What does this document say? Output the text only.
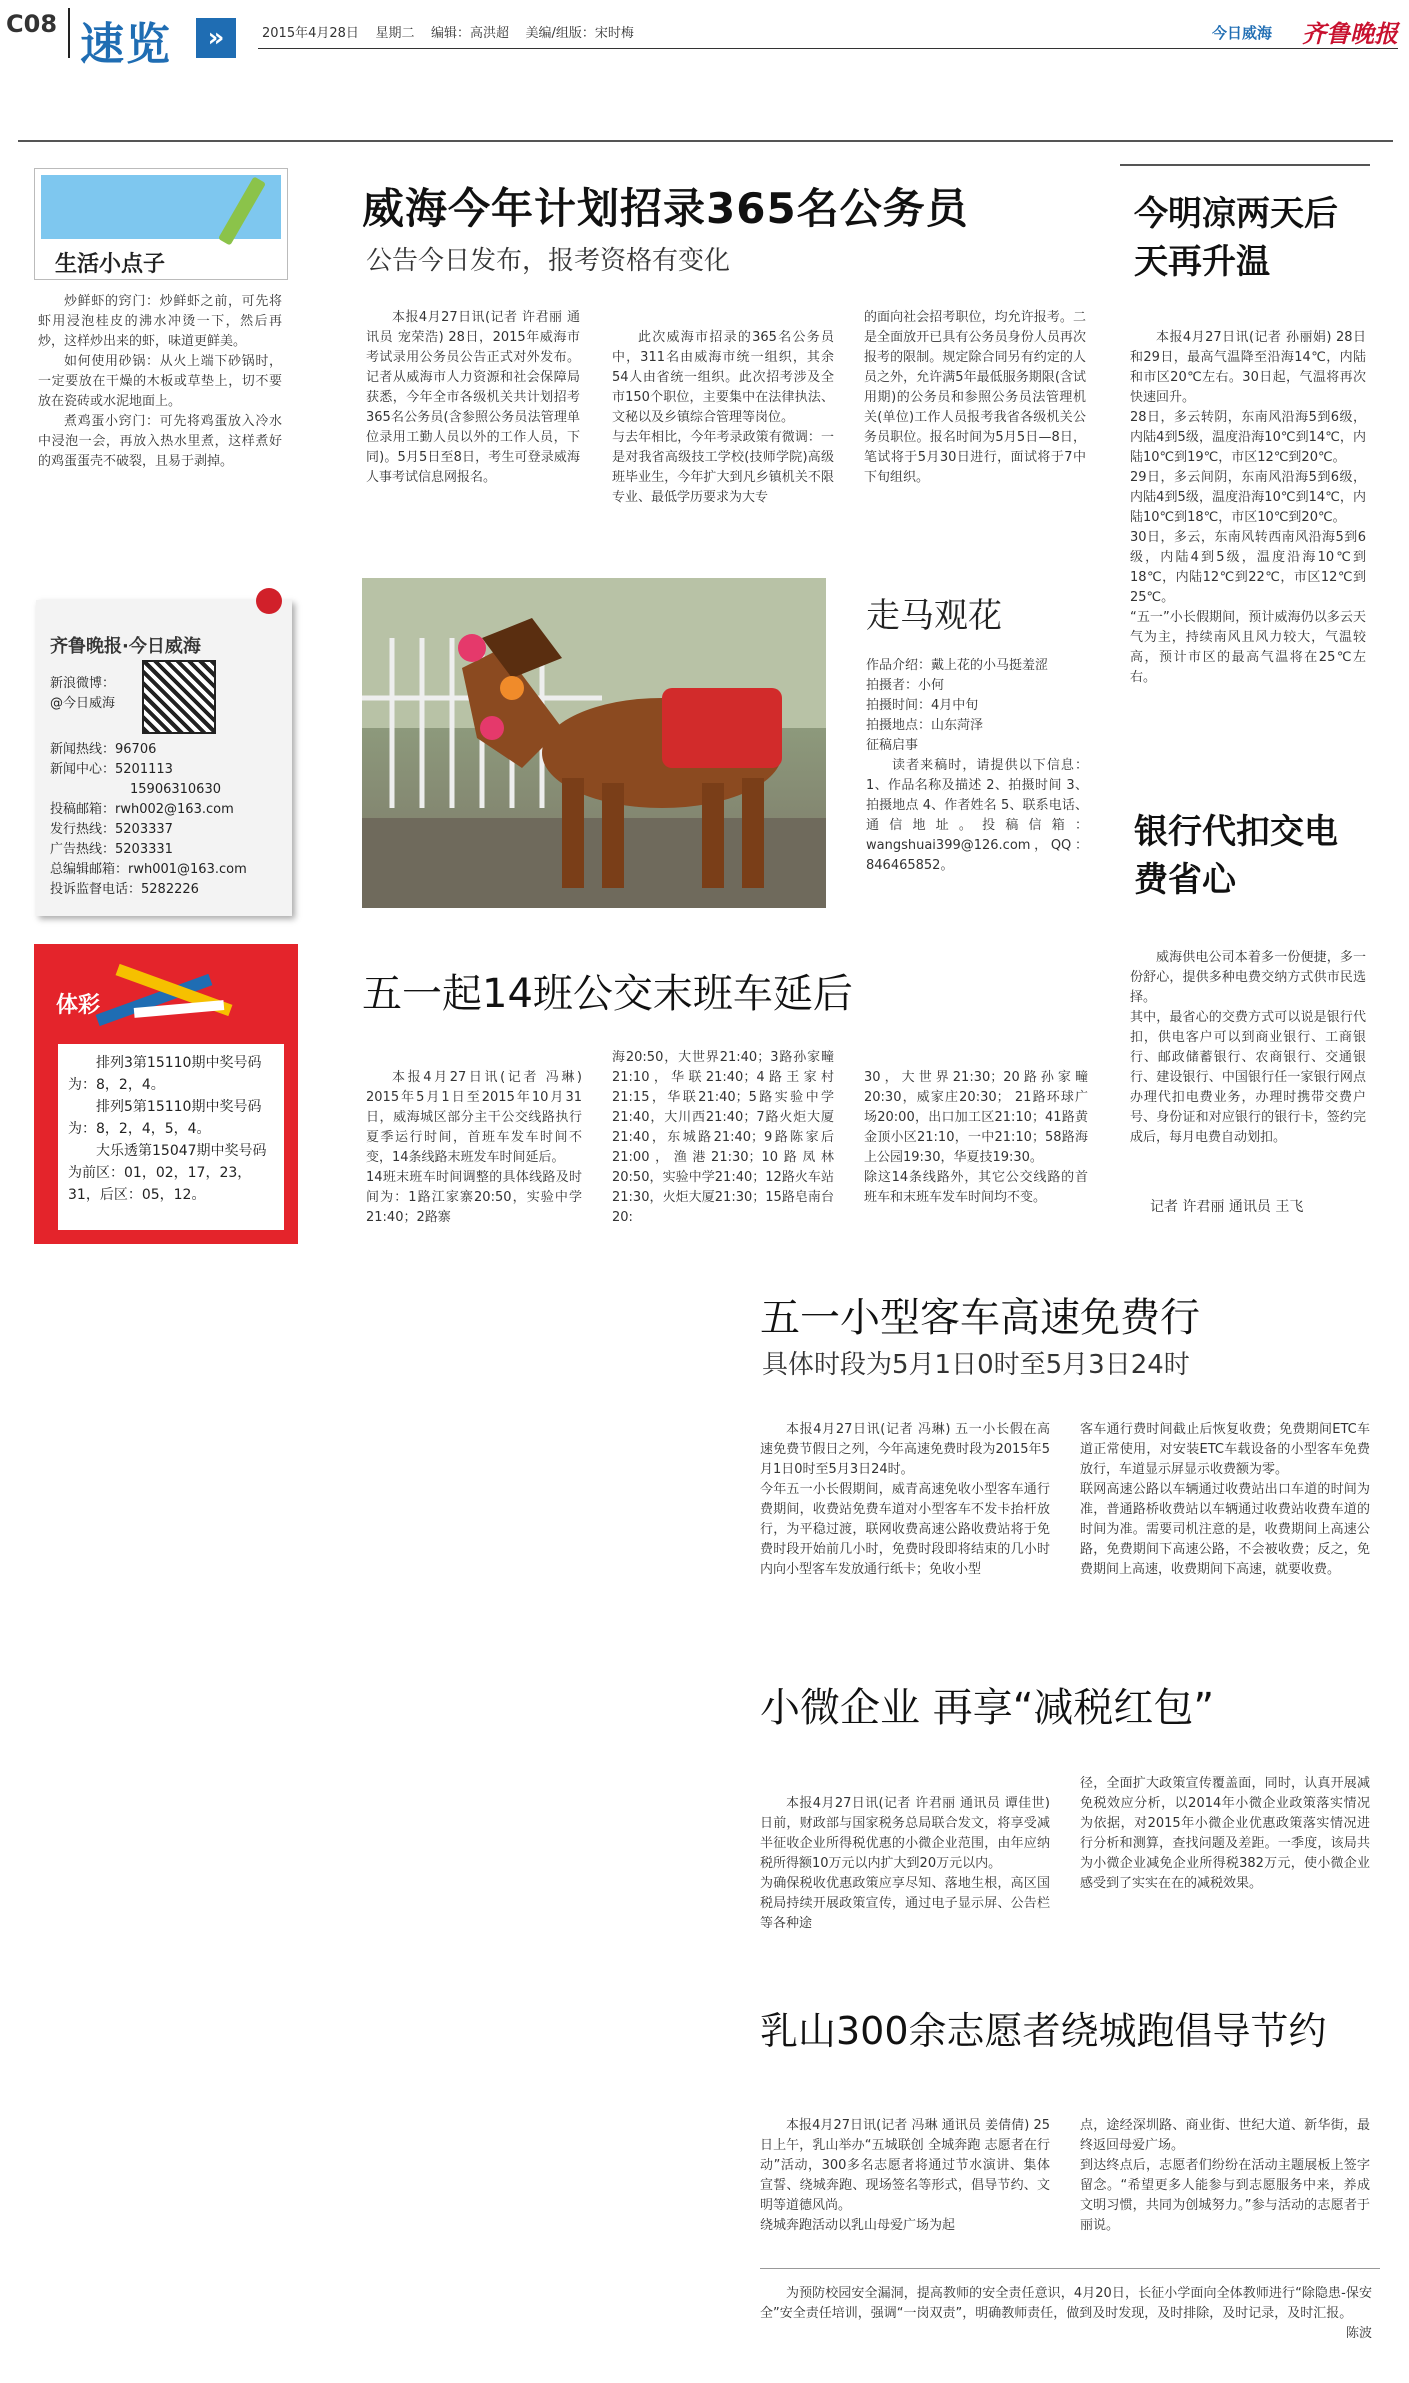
C08 速览	»	2015年4月28日 星期二 编辑：高洪超 美编/组版：宋时梅	今日威海 齐鲁晚报
生活小点子

炒鲜虾的窍门：炒鲜虾之前，可先将虾用浸泡桂皮的沸水冲烫一下，然后再炒，这样炒出来的虾，味道更鲜美。

如何使用砂锅：从火上端下砂锅时，一定要放在干燥的木板或草垫上，切不要放在瓷砖或水泥地面上。

煮鸡蛋小窍门：可先将鸡蛋放入冷水中浸泡一会，再放入热水里煮，这样煮好的鸡蛋蛋壳不破裂，且易于剥掉。

齐鲁晚报·今日威海
新浪微博：
@今日威海
新闻热线：96706
新闻中心：5201113
15906310630
投稿邮箱：rwh002@163.com
发行热线：5203337
广告热线：5203331
总编辑邮箱：rwh001@163.com
投诉监督电话：5282226
体彩
排列3第15110期中奖号码为：8，2，4。
排列5第15110期中奖号码为：8，2，4，5，4。
大乐透第15047期中奖号码为前区：01，02，17，23，31，后区：05，12。
威海今年计划招录365名公务员
公告今日发布，报考资格有变化

本报4月27日讯(记者 许君丽 通讯员 宠荣浩) 28日，2015年威海市考试录用公务员公告正式对外发布。记者从威海市人力资源和社会保障局获悉，今年全市各级机关共计划招考365名公务员(含参照公务员法管理单位录用工勤人员以外的工作人员，下同)。5月5日至8日，考生可登录威海人事考试信息网报名。

此次威海市招录的365名公务员中，311名由威海市统一组织，其余54人由省统一组织。此次招考涉及全市150个职位，主要集中在法律执法、文秘以及乡镇综合管理等岗位。
与去年相比，今年考录政策有微调：一是对我省高级技工学校(技师学院)高级班毕业生，今年扩大到凡乡镇机关不限专业、最低学历要求为大专

的面向社会招考职位，均允许报考。二是全面放开已具有公务员身份人员再次报考的限制。规定除合同另有约定的人员之外，允许满5年最低服务期限(含试用期)的公务员和参照公务员法管理机关(单位)工作人员报考我省各级机关公务员职位。报名时间为5月5日—8日，笔试将于5月30日进行，面试将于7中下旬组织。

走马观花
作品介绍：戴上花的小马挺羞涩
拍摄者：小何
拍摄时间：4月中旬
拍摄地点：山东菏泽
征稿启事
读者来稿时，请提供以下信息：1、作品名称及描述 2、拍摄时间 3、拍摄地点 4、作者姓名 5、联系电话、通信地址。投稿信箱：wangshuai399@126.com，QQ：846465852。
今明凉两天后天再升温

本报4月27日讯(记者 孙丽娟) 28日和29日，最高气温降至沿海14℃，内陆和市区20℃左右。30日起，气温将再次快速回升。
28日，多云转阴，东南风沿海5到6级，内陆4到5级，温度沿海10℃到14℃，内陆10℃到19℃，市区12℃到20℃。
29日，多云间阴，东南风沿海5到6级，内陆4到5级，温度沿海10℃到14℃，内陆10℃到18℃，市区10℃到20℃。
30日，多云，东南风转西南风沿海5到6级，内陆4到5级，温度沿海10℃到18℃，内陆12℃到22℃，市区12℃到25℃。
“五一”小长假期间，预计威海仍以多云天气为主，持续南风且风力较大，气温较高，预计市区的最高气温将在25℃左右。

银行代扣交电费省心

威海供电公司本着多一份便捷，多一份舒心，提供多种电费交纳方式供市民选择。
其中，最省心的交费方式可以说是银行代扣，供电客户可以到商业银行、工商银行、邮政储蓄银行、农商银行、交通银行、建设银行、中国银行任一家银行网点办理代扣电费业务，办理时携带交费户号、身份证和对应银行的银行卡，签约完成后，每月电费自动划扣。

记者 许君丽 通讯员 王飞
五一起14班公交末班车延后

本报4月27日讯(记者 冯琳) 2015年5月1日至2015年10月31日，威海城区部分主干公交线路执行夏季运行时间，首班车发车时间不变，14条线路末班发车时间延后。
14班末班车时间调整的具体线路及时间为：1路江家寨20:50，实验中学21:40；2路寨

海20:50，大世界21:40；3路孙家疃21:10，华联21:40；4路王家村21:15，华联21:40；5路实验中学21:40，大川西21:40；7路火炬大厦21:40，东城路21:40；9路陈家后21:00，渔港21:30；10路凤林20:50，实验中学21:40；12路火车站21:30，火炬大厦21:30；15路皂南台20:

30，大世界21:30；20路孙家疃20:30，威家庄20:30； 21路环球广场20:00，出口加工区21:10；41路黄金顶小区21:10，一中21:10；58路海上公园19:30，华夏技19:30。
除这14条线路外，其它公交线路的首班车和末班车发车时间均不变。

五一小型客车高速免费行
具体时段为5月1日0时至5月3日24时

本报4月27日讯(记者 冯琳) 五一小长假在高速免费节假日之列，今年高速免费时段为2015年5月1日0时至5月3日24时。
今年五一小长假期间，威青高速免收小型客车通行费期间，收费站免费车道对小型客车不发卡抬杆放行，为平稳过渡，联网收费高速公路收费站将于免费时段开始前几小时，免费时段即将结束的几小时内向小型客车发放通行纸卡；免收小型

客车通行费时间截止后恢复收费；免费期间ETC车道正常使用，对安装ETC车载设备的小型客车免费放行，车道显示屏显示收费额为零。
联网高速公路以车辆通过收费站出口车道的时间为准，普通路桥收费站以车辆通过收费站收费车道的时间为准。需要司机注意的是，收费期间上高速公路，免费期间下高速公路，不会被收费；反之，免费期间上高速，收费期间下高速，就要收费。

小微企业 再享“减税红包”

本报4月27日讯(记者 许君丽 通讯员 谭佳世) 日前，财政部与国家税务总局联合发文，将享受减半征收企业所得税优惠的小微企业范围，由年应纳税所得额10万元以内扩大到20万元以内。
为确保税收优惠政策应享尽知、落地生根，高区国税局持续开展政策宣传，通过电子显示屏、公告栏等各种途

径，全面扩大政策宣传覆盖面，同时，认真开展减免税效应分析，以2014年小微企业政策落实情况为依据，对2015年小微企业优惠政策落实情况进行分析和测算，查找问题及差距。一季度，该局共为小微企业减免企业所得税382万元，使小微企业感受到了实实在在的减税效果。

乳山300余志愿者绕城跑倡导节约

本报4月27日讯(记者 冯琳 通讯员 姜倩倩) 25日上午，乳山举办“五城联创 全城奔跑 志愿者在行动”活动，300多名志愿者将通过节水演讲、集体宣誓、绕城奔跑、现场签名等形式，倡导节约、文明等道德风尚。
绕城奔跑活动以乳山母爱广场为起

点，途经深圳路、商业街、世纪大道、新华街，最终返回母爱广场。
到达终点后，志愿者们纷纷在活动主题展板上签字留念。“希望更多人能参与到志愿服务中来，养成文明习惯，共同为创城努力。”参与活动的志愿者于丽说。

为预防校园安全漏洞，提高教师的安全责任意识，4月20日，长征小学面向全体教师进行“除隐患-保安全”安全责任培训，强调“一岗双责”，明确教师责任，做到及时发现，及时排除，及时记录，及时汇报。

陈波
